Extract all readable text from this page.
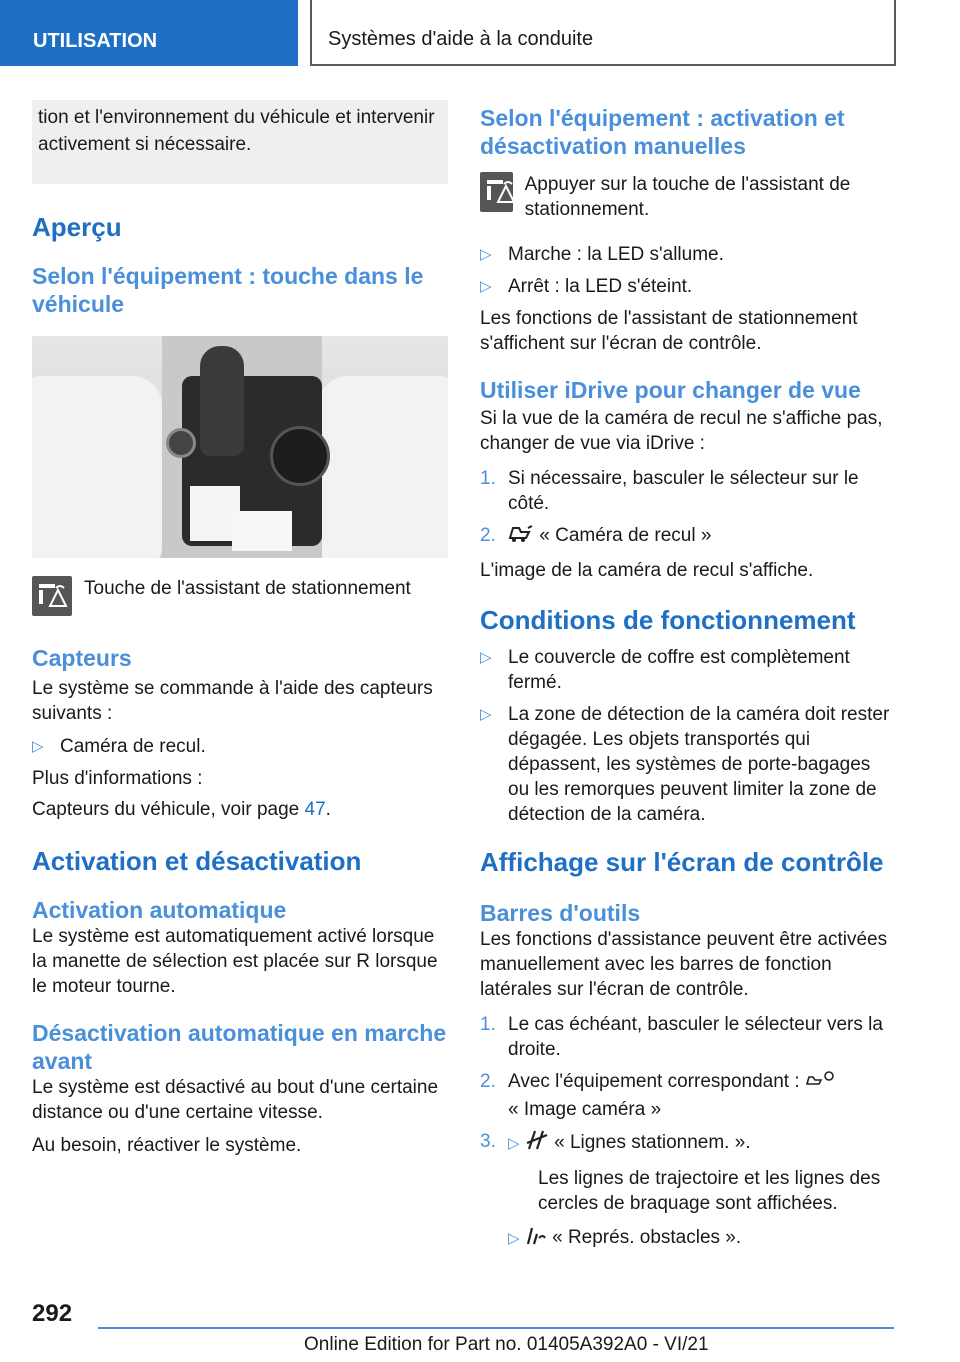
UTILISATION	Systèmes d'aide à la conduite

tion et l'environnement du véhicule et intervenir activement si nécessaire.

Aperçu
Selon l'équipement : touche dans le véhicule
Touche de l'assistant de stationnement
Capteurs

Le système se commande à l'aide des capteurs suivants :

▷ Caméra de recul.

Plus d'informations :

Capteurs du véhicule, voir page 47.

Activation et désactivation
Activation automatique

Le système est automatiquement activé lorsque la manette de sélection est placée sur R lorsque le moteur tourne.

Désactivation automatique en marche avant

Le système est désactivé au bout d'une certaine distance ou d'une certaine vitesse.

Au besoin, réactiver le système.

Selon l'équipement : activation et désactivation manuelles
Appuyer sur la touche de l'assistant de stationnement.
▷ Marche : la LED s'allume.
▷ Arrêt : la LED s'éteint.

Les fonctions de l'assistant de stationnement s'affichent sur l'écran de contrôle.

Utiliser iDrive pour changer de vue

Si la vue de la caméra de recul ne s'affiche pas, changer de vue via iDrive :

1. Si nécessaire, basculer le sélecteur sur le côté.
2. « Caméra de recul »

L'image de la caméra de recul s'affiche.

Conditions de fonctionnement
▷ Le couvercle de coffre est complètement fermé.
▷ La zone de détection de la caméra doit rester dégagée. Les objets transportés qui dépassent, les systèmes de porte-bagages ou les remorques peuvent limiter la zone de détection de la caméra.
Affichage sur l'écran de contrôle
Barres d'outils

Les fonctions d'assistance peuvent être activées manuellement avec les barres de fonction latérales sur l'écran de contrôle.

1. Le cas échéant, basculer le sélecteur vers la droite.
2. Avec l'équipement correspondant :
« Image caméra »
3. ▷ « Lignes stationnem. ».
Les lignes de trajectoire et les lignes des cercles de braquage sont affichées.
▷ « Représ. obstacles ».
292
Online Edition for Part no. 01405A392A0 - VI/21
